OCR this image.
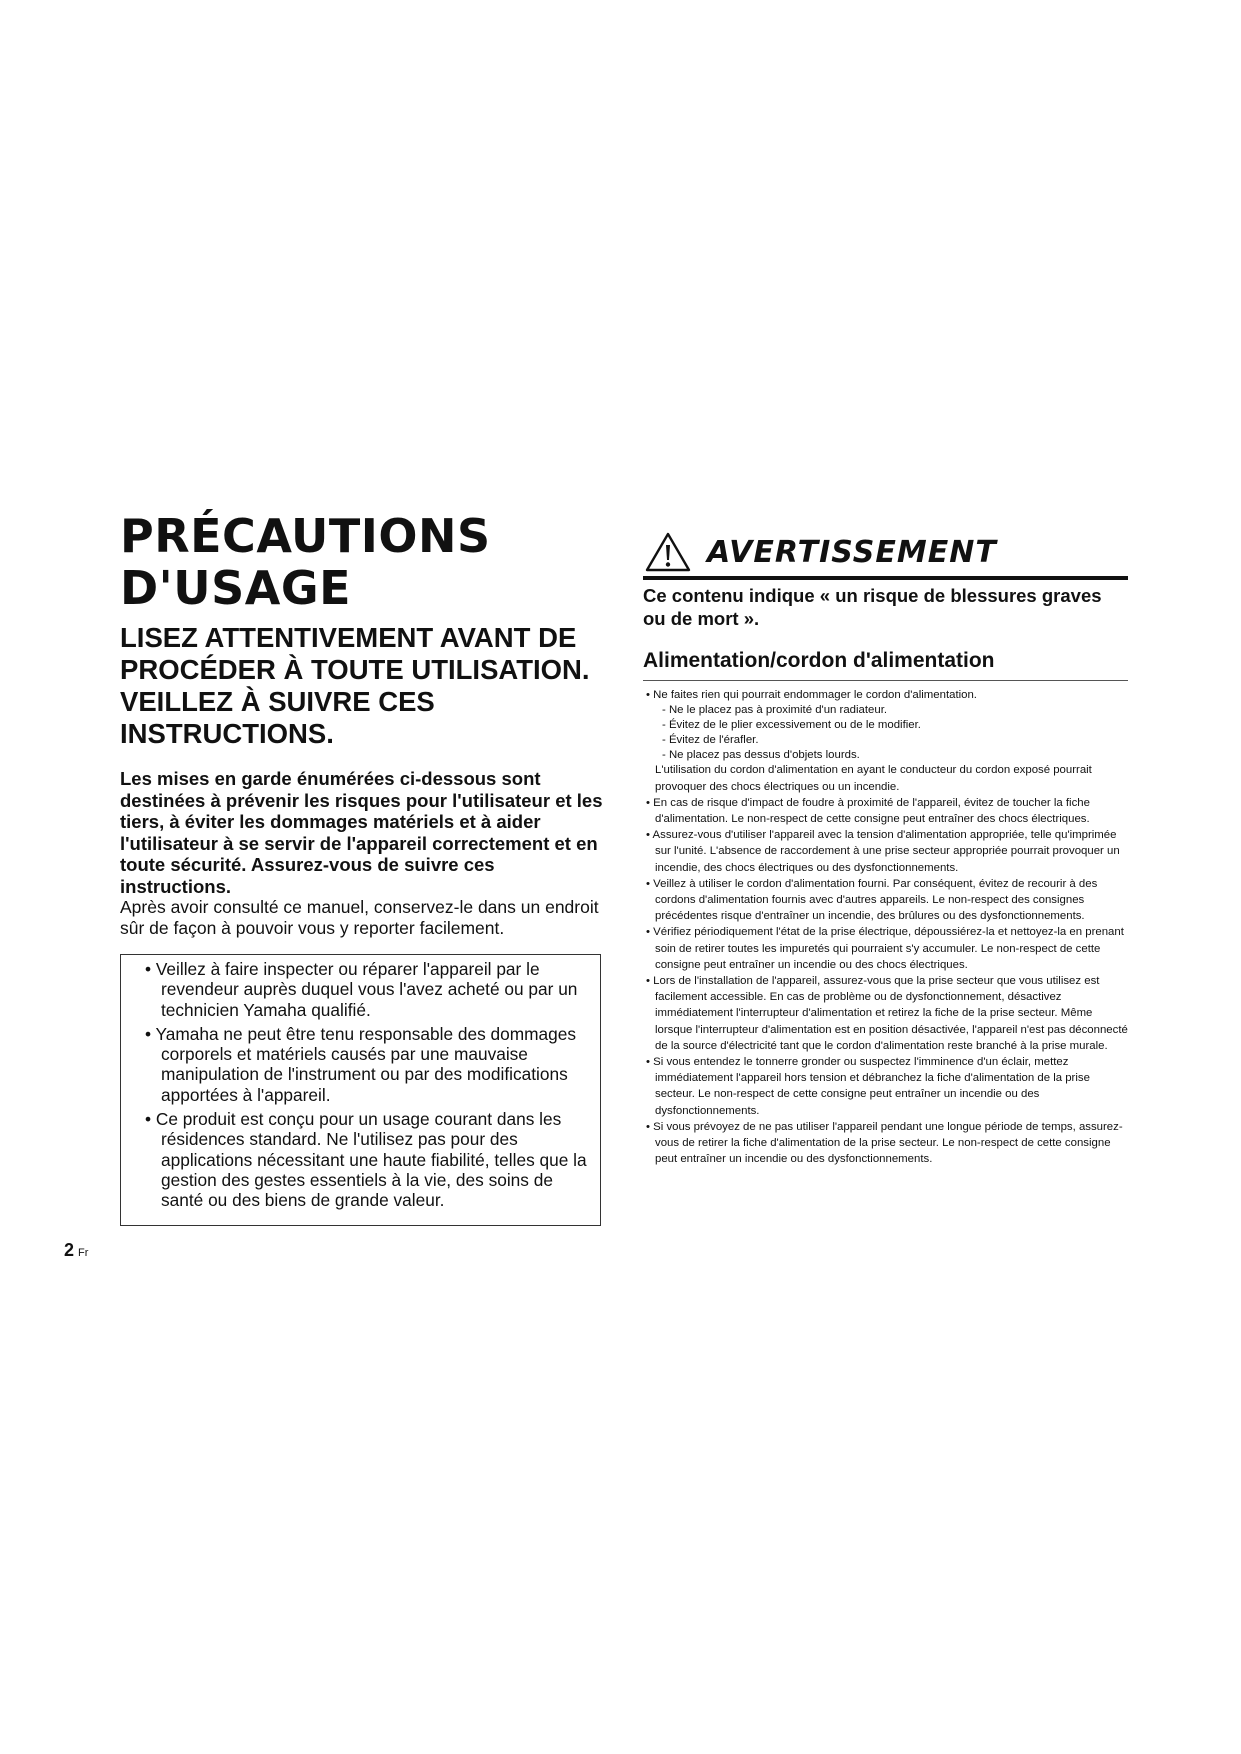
PRÉCAUTIONS
D'USAGE

LISEZ ATTENTIVEMENT AVANT DE PROCÉDER À TOUTE UTILISATION. VEILLEZ À SUIVRE CES INSTRUCTIONS.

Les mises en garde énumérées ci-dessous sont destinées à prévenir les risques pour l'utilisateur et les tiers, à éviter les dommages matériels et à aider l'utilisateur à se servir de l'appareil correctement et en toute sécurité. Assurez-vous de suivre ces instructions.

Après avoir consulté ce manuel, conservez-le dans un endroit sûr de façon à pouvoir vous y reporter facilement.

• Veillez à faire inspecter ou réparer l'appareil par le revendeur auprès duquel vous l'avez acheté ou par un technicien Yamaha qualifié.

• Yamaha ne peut être tenu responsable des dommages corporels et matériels causés par une mauvaise manipulation de l'instrument ou par des modifications apportées à l'appareil.

• Ce produit est conçu pour un usage courant dans les résidences standard. Ne l'utilisez pas pour des applications nécessitant une haute fiabilité, telles que la gestion des gestes essentiels à la vie, des soins de santé ou des biens de grande valeur.

AVERTISSEMENT

Ce contenu indique « un risque de blessures graves ou de mort ».

Alimentation/cordon d'alimentation

• Ne faites rien qui pourrait endommager le cordon d'alimentation.

- Ne le placez pas à proximité d'un radiateur.

- Évitez de le plier excessivement ou de le modifier.

- Évitez de l'érafler.

- Ne placez pas dessus d'objets lourds.

L'utilisation du cordon d'alimentation en ayant le conducteur du cordon exposé pourrait provoquer des chocs électriques ou un incendie.

• En cas de risque d'impact de foudre à proximité de l'appareil, évitez de toucher la fiche d'alimentation. Le non-respect de cette consigne peut entraîner des chocs électriques.

• Assurez-vous d'utiliser l'appareil avec la tension d'alimentation appropriée, telle qu'imprimée sur l'unité. L'absence de raccordement à une prise secteur appropriée pourrait provoquer un incendie, des chocs électriques ou des dysfonctionnements.

• Veillez à utiliser le cordon d'alimentation fourni. Par conséquent, évitez de recourir à des cordons d'alimentation fournis avec d'autres appareils. Le non-respect des consignes précédentes risque d'entraîner un incendie, des brûlures ou des dysfonctionnements.

• Vérifiez périodiquement l'état de la prise électrique, dépoussiérez-la et nettoyez-la en prenant soin de retirer toutes les impuretés qui pourraient s'y accumuler. Le non-respect de cette consigne peut entraîner un incendie ou des chocs électriques.

• Lors de l'installation de l'appareil, assurez-vous que la prise secteur que vous utilisez est facilement accessible. En cas de problème ou de dysfonctionnement, désactivez immédiatement l'interrupteur d'alimentation et retirez la fiche de la prise secteur. Même lorsque l'interrupteur d'alimentation est en position désactivée, l'appareil n'est pas déconnecté de la source d'électricité tant que le cordon d'alimentation reste branché à la prise murale.

• Si vous entendez le tonnerre gronder ou suspectez l'imminence d'un éclair, mettez immédiatement l'appareil hors tension et débranchez la fiche d'alimentation de la prise secteur. Le non-respect de cette consigne peut entraîner un incendie ou des dysfonctionnements.

• Si vous prévoyez de ne pas utiliser l'appareil pendant une longue période de temps, assurez-vous de retirer la fiche d'alimentation de la prise secteur. Le non-respect de cette consigne peut entraîner un incendie ou des dysfonctionnements.

2 Fr
